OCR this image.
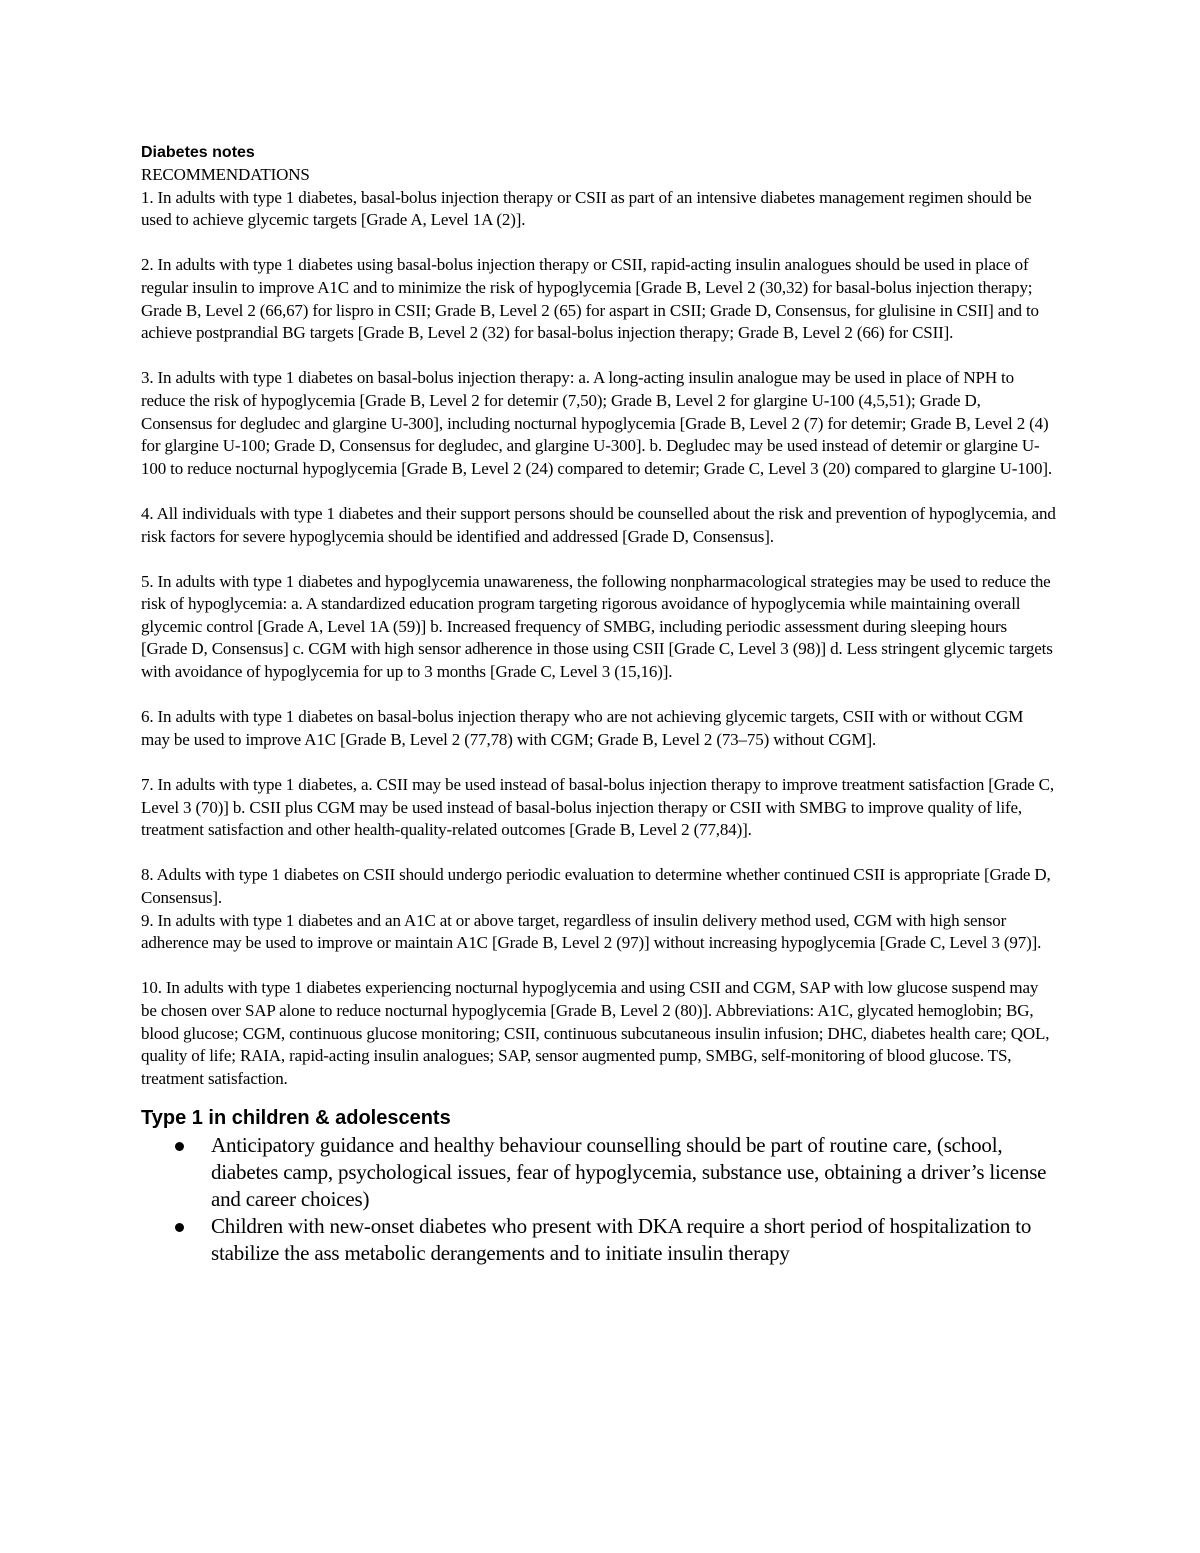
Diabetes notes

RECOMMENDATIONS

1. In adults with type 1 diabetes, basal-bolus injection therapy or CSII as part of an intensive diabetes management regimen should be used to achieve glycemic targets [Grade A, Level 1A (2)].

2. In adults with type 1 diabetes using basal-bolus injection therapy or CSII, rapid-acting insulin analogues should be used in place of regular insulin to improve A1C and to minimize the risk of hypoglycemia [Grade B, Level 2 (30,32) for basal-bolus injection therapy; Grade B, Level 2 (66,67) for lispro in CSII; Grade B, Level 2 (65) for aspart in CSII; Grade D, Consensus, for glulisine in CSII] and to achieve postprandial BG targets [Grade B, Level 2 (32) for basal-bolus injection therapy; Grade B, Level 2 (66) for CSII].

3. In adults with type 1 diabetes on basal-bolus injection therapy: a. A long-acting insulin analogue may be used in place of NPH to reduce the risk of hypoglycemia [Grade B, Level 2 for detemir (7,50); Grade B, Level 2 for glargine U-100 (4,5,51); Grade D, Consensus for degludec and glargine U-300], including nocturnal hypoglycemia [Grade B, Level 2 (7) for detemir; Grade B, Level 2 (4) for glargine U-100; Grade D, Consensus for degludec, and glargine U-300]. b. Degludec may be used instead of detemir or glargine U-100 to reduce nocturnal hypoglycemia [Grade B, Level 2 (24) compared to detemir; Grade C, Level 3 (20) compared to glargine U-100].

4. All individuals with type 1 diabetes and their support persons should be counselled about the risk and prevention of hypoglycemia, and risk factors for severe hypoglycemia should be identified and addressed [Grade D, Consensus].

5. In adults with type 1 diabetes and hypoglycemia unawareness, the following nonpharmacological strategies may be used to reduce the risk of hypoglycemia: a. A standardized education program targeting rigorous avoidance of hypoglycemia while maintaining overall glycemic control [Grade A, Level 1A (59)] b. Increased frequency of SMBG, including periodic assessment during sleeping hours [Grade D, Consensus] c. CGM with high sensor adherence in those using CSII [Grade C, Level 3 (98)] d. Less stringent glycemic targets with avoidance of hypoglycemia for up to 3 months [Grade C, Level 3 (15,16)].

6. In adults with type 1 diabetes on basal-bolus injection therapy who are not achieving glycemic targets, CSII with or without CGM may be used to improve A1C [Grade B, Level 2 (77,78) with CGM; Grade B, Level 2 (73–75) without CGM].

7. In adults with type 1 diabetes, a. CSII may be used instead of basal-bolus injection therapy to improve treatment satisfaction [Grade C, Level 3 (70)] b. CSII plus CGM may be used instead of basal-bolus injection therapy or CSII with SMBG to improve quality of life, treatment satisfaction and other health-quality-related outcomes [Grade B, Level 2 (77,84)].

8. Adults with type 1 diabetes on CSII should undergo periodic evaluation to determine whether continued CSII is appropriate [Grade D, Consensus].

9. In adults with type 1 diabetes and an A1C at or above target, regardless of insulin delivery method used, CGM with high sensor adherence may be used to improve or maintain A1C [Grade B, Level 2 (97)] without increasing hypoglycemia [Grade C, Level 3 (97)].

10. In adults with type 1 diabetes experiencing nocturnal hypoglycemia and using CSII and CGM, SAP with low glucose suspend may be chosen over SAP alone to reduce nocturnal hypoglycemia [Grade B, Level 2 (80)]. Abbreviations: A1C, glycated hemoglobin; BG, blood glucose; CGM, continuous glucose monitoring; CSII, continuous subcutaneous insulin infusion; DHC, diabetes health care; QOL, quality of life; RAIA, rapid-acting insulin analogues; SAP, sensor augmented pump, SMBG, self-monitoring of blood glucose. TS, treatment satisfaction.

Type 1 in children & adolescents
Anticipatory guidance and healthy behaviour counselling should be part of routine care, (school, diabetes camp, psychological issues, fear of hypoglycemia, substance use, obtaining a driver’s license and career choices)
Children with new-onset diabetes who present with DKA require a short period of hospitalization to stabilize the ass metabolic derangements and to initiate insulin therapy
